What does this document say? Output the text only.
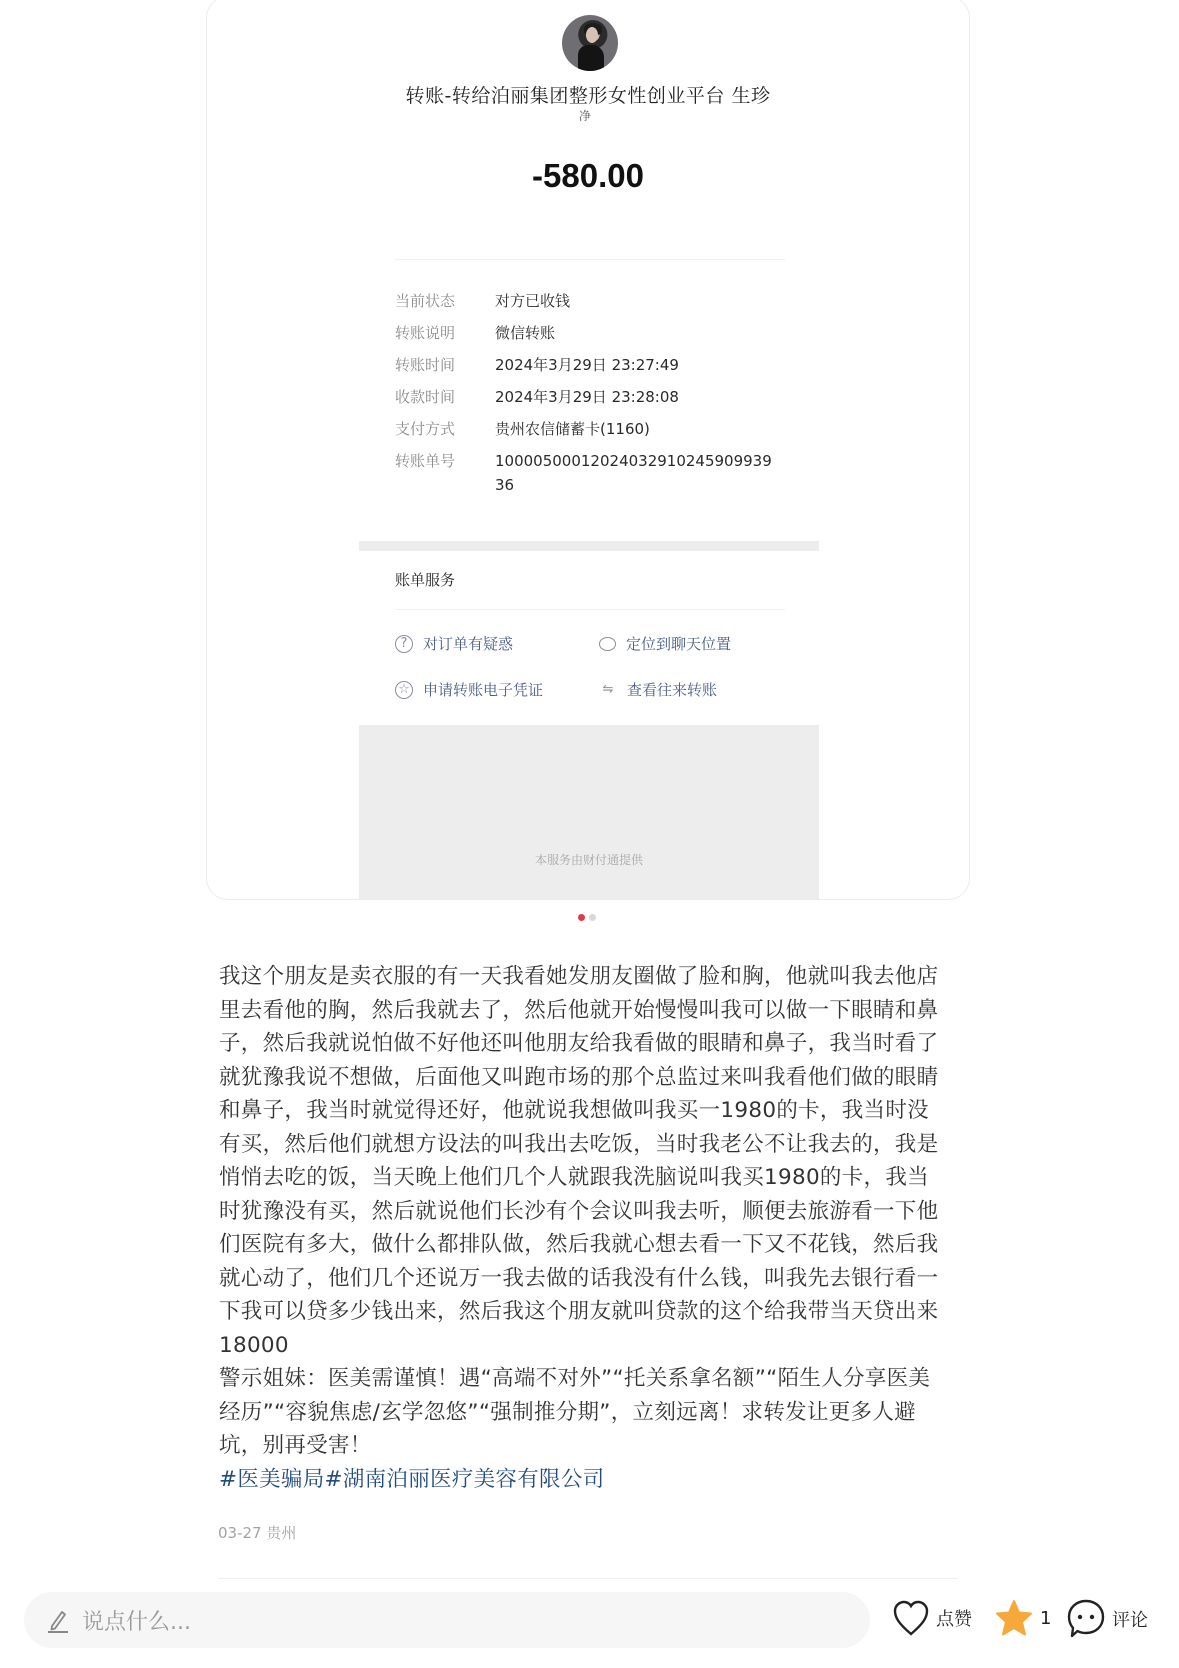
转账-转给泊丽集团整形女性创业平台 生珍
净
-580.00
当前状态	对方已收钱
转账说明	微信转账
转账时间	2024年3月29日 23:27:49
收款时间	2024年3月29日 23:28:08
支付方式	贵州农信储蓄卡(1160)
转账单号	10000500012024032910245909939 36
账单服务
?	对订单有疑惑	定位到聊天位置
☆ 申请转账电子凭证	⇋ 查看往来转账
本服务由财付通提供

我这个朋友是卖衣服的有一天我看她发朋友圈做了脸和胸，他就叫我去他店里去看他的胸，然后我就去了，然后他就开始慢慢叫我可以做一下眼睛和鼻子，然后我就说怕做不好他还叫他朋友给我看做的眼睛和鼻子，我当时看了就犹豫我说不想做，后面他又叫跑市场的那个总监过来叫我看他们做的眼睛和鼻子，我当时就觉得还好，他就说我想做叫我买一1980的卡，我当时没有买，然后他们就想方设法的叫我出去吃饭，当时我老公不让我去的，我是悄悄去吃的饭，当天晚上他们几个人就跟我洗脑说叫我买1980的卡，我当时犹豫没有买，然后就说他们长沙有个会议叫我去听，顺便去旅游看一下他们医院有多大，做什么都排队做，然后我就心想去看一下又不花钱，然后我就心动了，他们几个还说万一我去做的话我没有什么钱，叫我先去银行看一下我可以贷多少钱出来，然后我这个朋友就叫贷款的这个给我带当天贷出来18000

警示姐妹：医美需谨慎！遇“高端不对外”“托关系拿名额”“陌生人分享医美经历”“容貌焦虑/玄学忽悠”“强制推分期”，立刻远离！求转发让更多人避坑，别再受害！

#医美骗局#湖南泊丽医疗美容有限公司

03-27 贵州
说点什么...	点赞	1	评论
